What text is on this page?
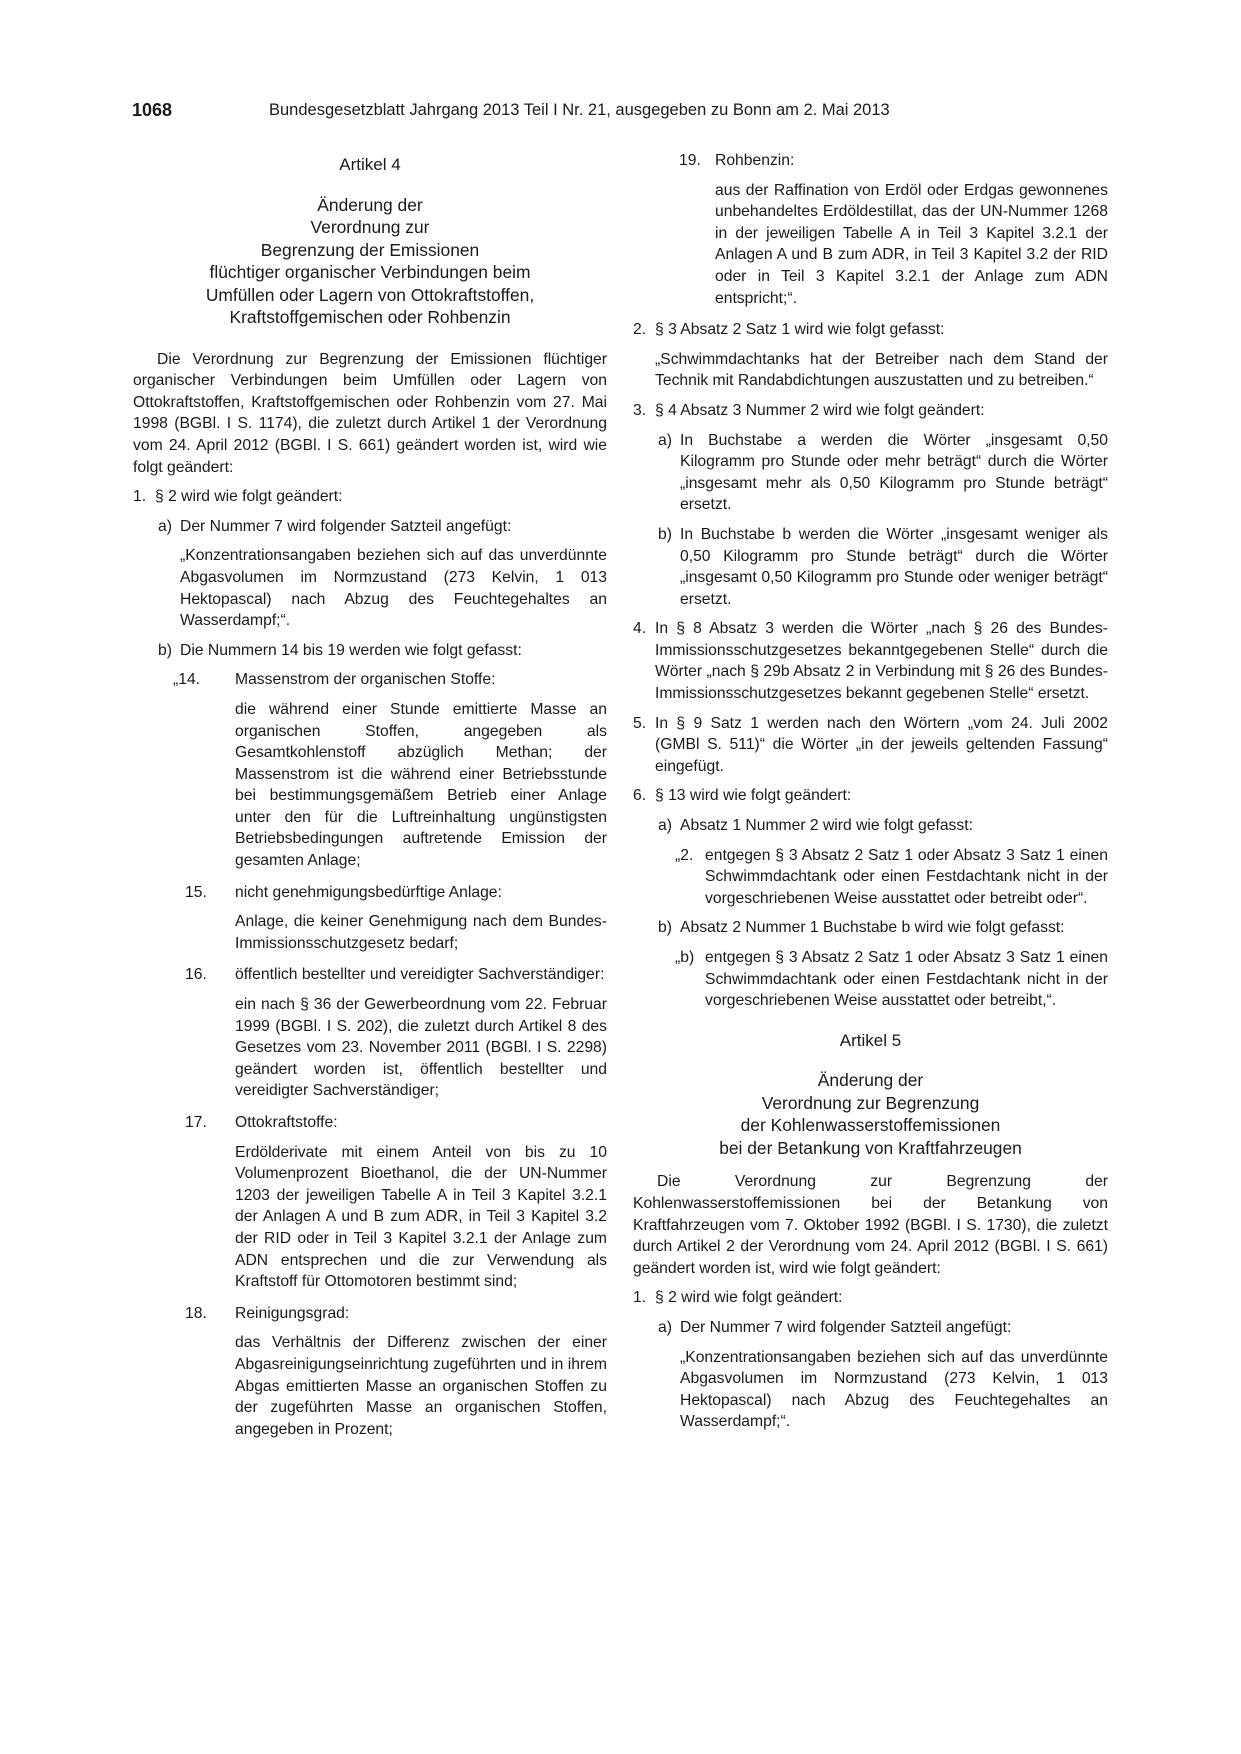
1068	Bundesgesetzblatt Jahrgang 2013 Teil I Nr. 21, ausgegeben zu Bonn am 2. Mai 2013
Artikel 4
Änderung der
Verordnung zur
Begrenzung der Emissionen
flüchtiger organischer Verbindungen beim
Umfüllen oder Lagern von Ottokraftstoffen,
Kraftstoffgemischen oder Rohbenzin

Die Verordnung zur Begrenzung der Emissionen flüchtiger organischer Verbindungen beim Umfüllen oder Lagern von Ottokraftstoffen, Kraftstoffgemischen oder Rohbenzin vom 27. Mai 1998 (BGBl. I S. 1174), die zuletzt durch Artikel 1 der Verordnung vom 24. April 2012 (BGBl. I S. 661) geändert worden ist, wird wie folgt geändert:

1. § 2 wird wie folgt geändert:
a) Der Nummer 7 wird folgender Satzteil angefügt:

„Konzentrationsangaben beziehen sich auf das unverdünnte Abgasvolumen im Normzustand (273 Kelvin, 1 013 Hektopascal) nach Abzug des Feuchtegehaltes an Wasserdampf;“.

b) Die Nummern 14 bis 19 werden wie folgt gefasst:
„14. Massenstrom der organischen Stoffe:

die während einer Stunde emittierte Masse an organischen Stoffen, angegeben als Gesamtkohlenstoff abzüglich Methan; der Massenstrom ist die während einer Betriebsstunde bei bestimmungsgemäßem Betrieb einer Anlage unter den für die Luftreinhaltung ungünstigsten Betriebsbedingungen auftretende Emission der gesamten Anlage;

15. nicht genehmigungsbedürftige Anlage:

Anlage, die keiner Genehmigung nach dem Bundes-Immissionsschutzgesetz bedarf;

16. öffentlich bestellter und vereidigter Sachverständiger:

ein nach § 36 der Gewerbeordnung vom 22. Februar 1999 (BGBl. I S. 202), die zuletzt durch Artikel 8 des Gesetzes vom 23. November 2011 (BGBl. I S. 2298) geändert worden ist, öffentlich bestellter und vereidigter Sachverständiger;

17. Ottokraftstoffe:

Erdölderivate mit einem Anteil von bis zu 10 Volumenprozent Bioethanol, die der UN-Nummer 1203 der jeweiligen Tabelle A in Teil 3 Kapitel 3.2.1 der Anlagen A und B zum ADR, in Teil 3 Kapitel 3.2 der RID oder in Teil 3 Kapitel 3.2.1 der Anlage zum ADN entsprechen und die zur Verwendung als Kraftstoff für Ottomotoren bestimmt sind;

18. Reinigungsgrad:

das Verhältnis der Differenz zwischen der einer Abgasreinigungseinrichtung zugeführten und in ihrem Abgas emittierten Masse an organischen Stoffen zu der zugeführten Masse an organischen Stoffen, angegeben in Prozent;

19. Rohbenzin:

aus der Raffination von Erdöl oder Erdgas gewonnenes unbehandeltes Erdöldestillat, das der UN-Nummer 1268 in der jeweiligen Tabelle A in Teil 3 Kapitel 3.2.1 der Anlagen A und B zum ADR, in Teil 3 Kapitel 3.2 der RID oder in Teil 3 Kapitel 3.2.1 der Anlage zum ADN entspricht;“.

2. § 3 Absatz 2 Satz 1 wird wie folgt gefasst:

„Schwimmdachtanks hat der Betreiber nach dem Stand der Technik mit Randabdichtungen auszustatten und zu betreiben.“

3. § 4 Absatz 3 Nummer 2 wird wie folgt geändert:
a) In Buchstabe a werden die Wörter „insgesamt 0,50 Kilogramm pro Stunde oder mehr beträgt“ durch die Wörter „insgesamt mehr als 0,50 Kilogramm pro Stunde beträgt“ ersetzt.
b) In Buchstabe b werden die Wörter „insgesamt weniger als 0,50 Kilogramm pro Stunde beträgt“ durch die Wörter „insgesamt 0,50 Kilogramm pro Stunde oder weniger beträgt“ ersetzt.
4. In § 8 Absatz 3 werden die Wörter „nach § 26 des Bundes-Immissionsschutzgesetzes bekanntgegebenen Stelle“ durch die Wörter „nach § 29b Absatz 2 in Verbindung mit § 26 des Bundes-Immissionsschutzgesetzes bekannt gegebenen Stelle“ ersetzt.
5. In § 9 Satz 1 werden nach den Wörtern „vom 24. Juli 2002 (GMBl S. 511)“ die Wörter „in der jeweils geltenden Fassung“ eingefügt.
6. § 13 wird wie folgt geändert:
a) Absatz 1 Nummer 2 wird wie folgt gefasst:
„2. entgegen § 3 Absatz 2 Satz 1 oder Absatz 3 Satz 1 einen Schwimmdachtank oder einen Festdachtank nicht in der vorgeschriebenen Weise ausstattet oder betreibt oder“.
b) Absatz 2 Nummer 1 Buchstabe b wird wie folgt gefasst:
„b) entgegen § 3 Absatz 2 Satz 1 oder Absatz 3 Satz 1 einen Schwimmdachtank oder einen Festdachtank nicht in der vorgeschriebenen Weise ausstattet oder betreibt,“.
Artikel 5
Änderung der
Verordnung zur Begrenzung
der Kohlenwasserstoffemissionen
bei der Betankung von Kraftfahrzeugen

Die Verordnung zur Begrenzung der Kohlenwasserstoffemissionen bei der Betankung von Kraftfahrzeugen vom 7. Oktober 1992 (BGBl. I S. 1730), die zuletzt durch Artikel 2 der Verordnung vom 24. April 2012 (BGBl. I S. 661) geändert worden ist, wird wie folgt geändert:

1. § 2 wird wie folgt geändert:
a) Der Nummer 7 wird folgender Satzteil angefügt:

„Konzentrationsangaben beziehen sich auf das unverdünnte Abgasvolumen im Normzustand (273 Kelvin, 1 013 Hektopascal) nach Abzug des Feuchtegehaltes an Wasserdampf;“.
